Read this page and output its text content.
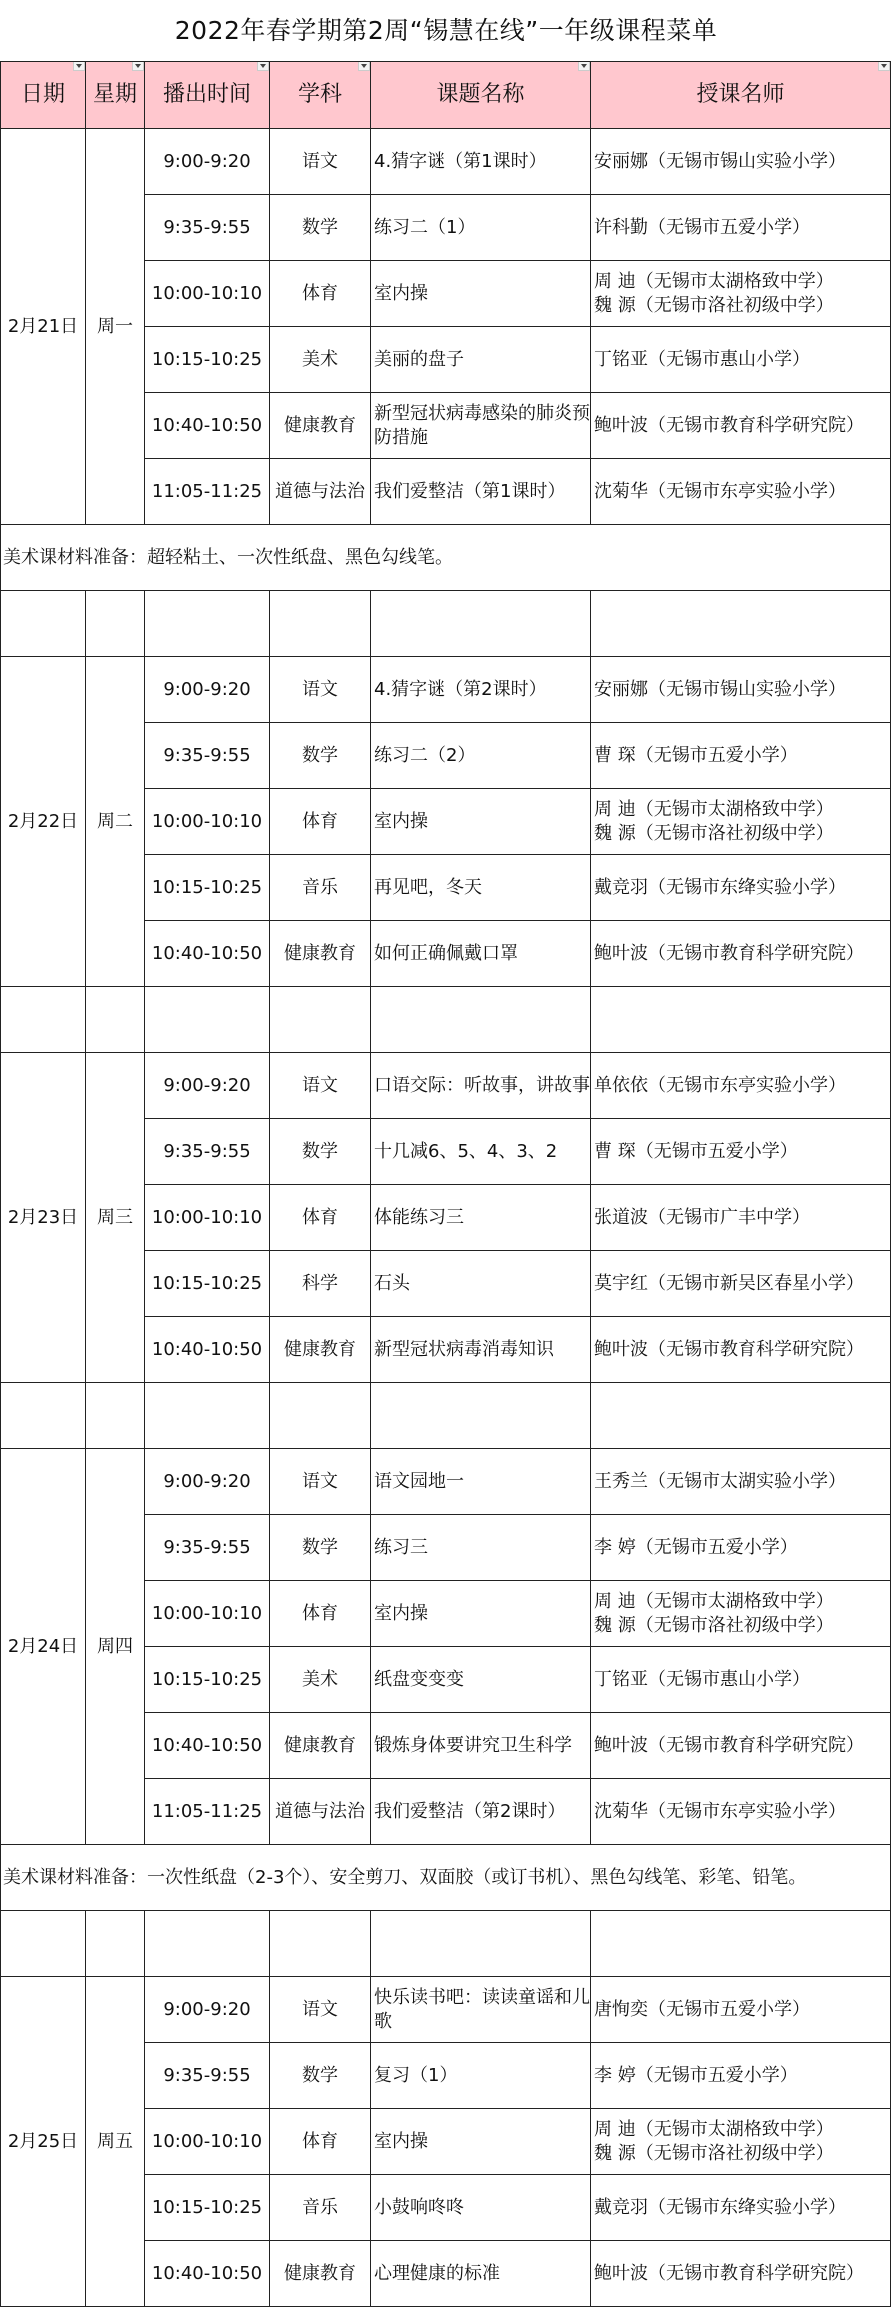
2022年春学期第2周“锡慧在线”一年级课程菜单
日期	星期	播出时间	学科	课题名称	授课名师

2月21日	周一	9:00-9:20	语文	4.猜字谜（第1课时）	安丽娜（无锡市锡山实验小学）

		9:35-9:55	数学	练习二（1）	许科勤（无锡市五爱小学）

		10:00-10:10	体育	室内操	周 迪（无锡市太湖格致中学）
魏 源（无锡市洛社初级中学）

		10:15-10:25	美术	美丽的盘子	丁铭亚（无锡市惠山小学）

		10:40-10:50	健康教育	新型冠状病毒感染的肺炎预防措施	鲍叶波（无锡市教育科学研究院）

		11:05-11:25	道德与法治	我们爱整洁（第1课时）	沈菊华（无锡市东亭实验小学）

美术课材料准备：超轻粘土、一次性纸盘、黑色勾线笔。					

2月22日	周二	9:00-9:20	语文	4.猜字谜（第2课时）	安丽娜（无锡市锡山实验小学）

		9:35-9:55	数学	练习二（2）	曹 琛（无锡市五爱小学）

		10:00-10:10	体育	室内操	周 迪（无锡市太湖格致中学）
魏 源（无锡市洛社初级中学）

		10:15-10:25	音乐	再见吧，冬天	戴竞羽（无锡市东绛实验小学）

		10:40-10:50	健康教育	如何正确佩戴口罩	鲍叶波（无锡市教育科学研究院）

2月23日	周三	9:00-9:20	语文	口语交际：听故事，讲故事	单依依（无锡市东亭实验小学）

		9:35-9:55	数学	十几减6、5、4、3、2	曹 琛（无锡市五爱小学）

		10:00-10:10	体育	体能练习三	张道波（无锡市广丰中学）

		10:15-10:25	科学	石头	莫宇红（无锡市新吴区春星小学）

		10:40-10:50	健康教育	新型冠状病毒消毒知识	鲍叶波（无锡市教育科学研究院）

2月24日	周四	9:00-9:20	语文	语文园地一	王秀兰（无锡市太湖实验小学）

		9:35-9:55	数学	练习三	李 婷（无锡市五爱小学）

		10:00-10:10	体育	室内操	周 迪（无锡市太湖格致中学）
魏 源（无锡市洛社初级中学）

		10:15-10:25	美术	纸盘变变变	丁铭亚（无锡市惠山小学）

		10:40-10:50	健康教育	锻炼身体要讲究卫生科学	鲍叶波（无锡市教育科学研究院）

		11:05-11:25	道德与法治	我们爱整洁（第2课时）	沈菊华（无锡市东亭实验小学）

美术课材料准备：一次性纸盘（2-3个）、安全剪刀、双面胶（或订书机）、黑色勾线笔、彩笔、铅笔。					

2月25日	周五	9:00-9:20	语文	快乐读书吧：读读童谣和儿歌	唐恂奕（无锡市五爱小学）

		9:35-9:55	数学	复习（1）	李 婷（无锡市五爱小学）

		10:00-10:10	体育	室内操	周 迪（无锡市太湖格致中学）
魏 源（无锡市洛社初级中学）

		10:15-10:25	音乐	小鼓响咚咚	戴竞羽（无锡市东绛实验小学）

		10:40-10:50	健康教育	心理健康的标准	鲍叶波（无锡市教育科学研究院）
